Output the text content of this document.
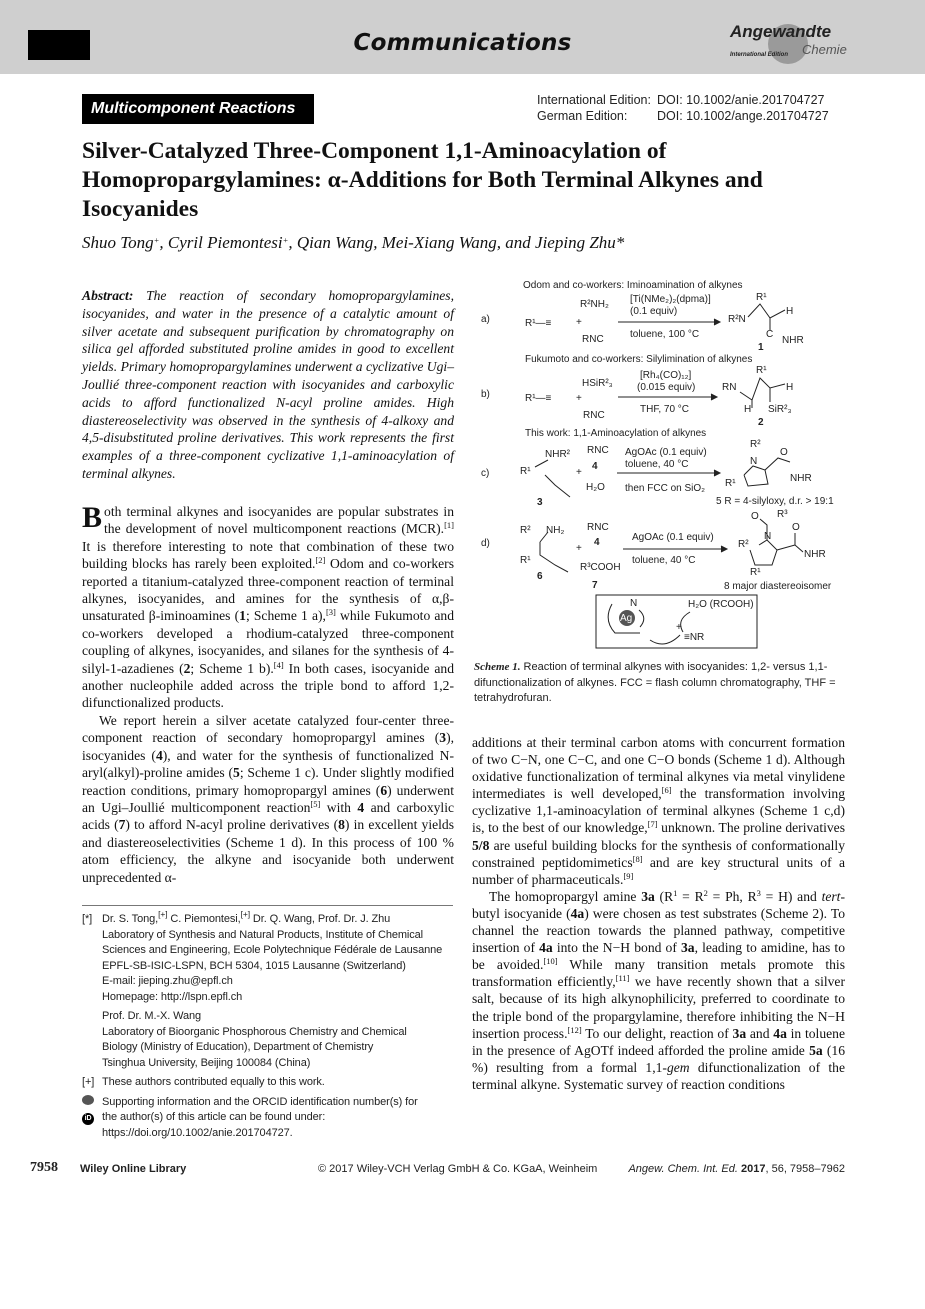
Communications	Angewandte
Chemie
International Edition
Multicomponent Reactions	International Edition: DOI: 10.1002/anie.201704727
German Edition:	DOI: 10.1002/ange.201704727
Silver-Catalyzed Three-Component 1,1-Aminoacylation of Homopropargylamines: α-Additions for Both Terminal Alkynes and Isocyanides
Shuo Tong+, Cyril Piemontesi+, Qian Wang, Mei-Xiang Wang, and Jieping Zhu*

Abstract: The reaction of secondary homopropargylamines, isocyanides, and water in the presence of a catalytic amount of silver acetate and subsequent purification by chromatography on silica gel afforded substituted proline amides in good to excellent yields. Primary homopropargylamines underwent a cyclizative Ugi–Joullié three-component reaction with isocyanides and carboxylic acids to afford functionalized N-acyl proline amides. High diastereoselectivity was observed in the synthesis of 4-alkoxy and 4,5-disubstituted proline derivatives. This work represents the first examples of a three-component cyclizative 1,1-aminoacylation of terminal alkynes.

Both terminal alkynes and isocyanides are popular substrates in the development of novel multicomponent reactions (MCR).[1] It is therefore interesting to note that combination of these two building blocks has rarely been exploited.[2] Odom and co-workers reported a titanium-catalyzed three-component reaction of terminal alkynes, isocyanides, and amines for the synthesis of α,β-unsaturated β-iminoamines (1; Scheme 1 a),[3] while Fukumoto and co-workers developed a rhodium-catalyzed three-component coupling of alkynes, isocyanides, and silanes for the synthesis of 4-silyl-1-azadienes (2; Scheme 1 b).[4] In both cases, isocyanide and another nucleophile added across the triple bond to afford 1,2-difunctionalized products.

We report herein a silver acetate catalyzed four-center three-component reaction of secondary homopropargyl amines (3), isocyanides (4), and water for the synthesis of functionalized N-aryl(alkyl)-proline amides (5; Scheme 1 c). Under slightly modified reaction conditions, primary homopropargyl amines (6) underwent an Ugi–Joullié multicomponent reaction[5] with 4 and carboxylic acids (7) to afford N-acyl proline derivatives (8) in excellent yields and diastereoselectivities (Scheme 1 d). In this process of 100 % atom efficiency, the alkyne and isocyanide both underwent unprecedented α-

additions at their terminal carbon atoms with concurrent formation of two C−N, one C−C, and one C−O bonds (Scheme 1 d). Although oxidative functionalization of terminal alkynes via metal vinylidene intermediates is well developed,[6] the transformation involving cyclizative 1,1-aminoacylation of terminal alkynes (Scheme 1 c,d) is, to the best of our knowledge,[7] unknown. The proline derivatives 5/8 are useful building blocks for the synthesis of conformationally constrained peptidomimetics[8] and are key structural units of a number of pharmaceuticals.[9]

The homopropargyl amine 3a ($R^1 = R^2 = Ph$, $R^3 = H$) and tert-butyl isocyanide (4a) were chosen as test substrates (Scheme 2). To channel the reaction towards the planned pathway, competitive insertion of 4a into the N−H bond of 3a, leading to amidine, has to be avoided.[10] While many transition metals promote this transformation efficiently,[11] we have recently shown that a silver salt, because of its high alkynophilicity, preferred to coordinate to the triple bond of the propargylamine, therefore inhibiting the N−H insertion process.[12] To our delight, reaction of 3a and 4a in toluene in the presence of AgOTf indeed afforded the proline amide 5a (16 %) resulting from a formal 1,1-gem difunctionalization of the terminal alkyne. Systematic survey of reaction conditions

Odom and co-workers: Iminoamination of alkynes
a)	R¹—≡
R²NH₂
+
RNC
[Ti(NMe₂)₂(dpma)]
(0.1 equiv)
toluene, 100 °C
R¹
R²N
H
C
NHR
1
Fukumoto and co-workers: Silylimination of alkynes
b)	R¹—≡
HSiR²₃
+
RNC
[Rh₄(CO)₁₂]
(0.015 equiv)
THF, 70 °C
R¹
RN	H
H SiR²₃
2
This work: 1,1-Aminoacylation of alkynes
c)	R¹
NHR²
3
+
RNC
4
H₂O
AgOAc (0.1 equiv)
toluene, 40 °C
then FCC on SiO₂
R²
N
O
NHR
R¹
5 R = 4-silyloxy, d.r. > 19:1
d)
R² NH₂
R¹
6
+
RNC
4
R³COOH
7
AgOAc (0.1 equiv)
toluene, 40 °C
O R³
N
R²
O
NHR
R¹
8 major diastereoisomer
N
Ag
H₂O (RCOOH)
+
≡NR
Scheme 1. Reaction of terminal alkynes with isocyanides: 1,2- versus 1,1-difunctionalization of alkynes. FCC = flash column chromatography, THF = tetrahydrofuran.
[*] Dr. S. Tong,[+] C. Piemontesi,[+] Dr. Q. Wang, Prof. Dr. J. Zhu
Laboratory of Synthesis and Natural Products, Institute of Chemical
Sciences and Engineering, Ecole Polytechnique Fédérale de Lausanne
EPFL-SB-ISIC-LSPN, BCH 5304, 1015 Lausanne (Switzerland)
E-mail: jieping.zhu@epfl.ch
Homepage: http://lspn.epfl.ch
Prof. Dr. M.-X. Wang
Laboratory of Bioorganic Phosphorous Chemistry and Chemical
Biology (Ministry of Education), Department of Chemistry
Tsinghua University, Beijing 100084 (China)
[+] These authors contributed equally to this work.

iD
Supporting information and the ORCID identification number(s) for
the author(s) of this article can be found under:
https://doi.org/10.1002/anie.201704727.
7958 Wiley Online Library	© 2017 Wiley-VCH Verlag GmbH & Co. KGaA, Weinheim	Angew. Chem. Int. Ed. 2017, 56, 7958–7962
